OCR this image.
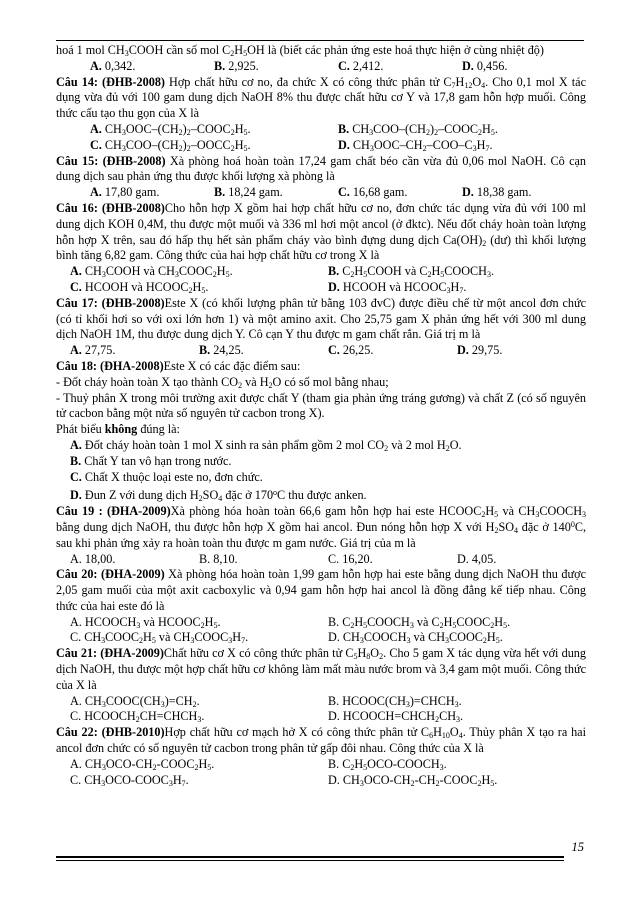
hoá 1 mol $CH_3COOH$ cần số mol $C_2H_5OH$ là (biết các phản ứng este hoá thực hiện ở cùng nhiệt độ)

A. 0,342.	B. 2,925.	C. 2,412.	D. 0,456.

Câu 14: (ĐHB-2008) Hợp chất hữu cơ no, đa chức X có công thức phân tử $C_7H_{12}O_4$. Cho 0,1 mol X tác dụng vừa đủ với 100 gam dung dịch NaOH 8% thu được chất hữu cơ Y và 17,8 gam hỗn hợp muối. Công thức cấu tạo thu gọn của X là

A. $CH_3OOC-(CH_2)_2-COOC_2H_5$.	B. $CH_3COO-(CH_2)_2-COOC_2H_5$.
C. $CH_3COO-(CH_2)_2-OOCC_2H_5$.	D. $CH_3OOC-CH_2-COO-C_3H_7$.

Câu 15: (ĐHB-2008) Xà phòng hoá hoàn toàn 17,24 gam chất béo cần vừa đủ 0,06 mol NaOH. Cô cạn dung dịch sau phản ứng thu được khối lượng xà phòng là

A. 17,80 gam.	B. 18,24 gam.	C. 16,68 gam.	D. 18,38 gam.

Câu 16: (ĐHB-2008)Cho hỗn hợp X gồm hai hợp chất hữu cơ no, đơn chức tác dụng vừa đủ với 100 ml dung dịch KOH 0,4M, thu được một muối và 336 ml hơi một ancol (ở đktc). Nếu đốt cháy hoàn toàn lượng hỗn hợp X trên, sau đó hấp thụ hết sản phẩm cháy vào bình đựng dung dịch $Ca(OH)_2$ (dư) thì khối lượng bình tăng 6,82 gam. Công thức của hai hợp chất hữu cơ trong X là

A. $CH_3COOH$ và $CH_3COOC_2H_5$.	B. $C_2H_5COOH$ và $C_2H_5COOCH_3$.
C. HCOOH và $HCOOC_2H_5$.	D. HCOOH và $HCOOC_3H_7$.

Câu 17: (ĐHB-2008)Este X (có khối lượng phân tử bằng 103 đvC) được điều chế từ một ancol đơn chức (có tỉ khối hơi so với oxi lớn hơn 1) và một amino axit. Cho 25,75 gam X phản ứng hết với 300 ml dung dịch NaOH 1M, thu được dung dịch Y. Cô cạn Y thu được m gam chất rắn. Giá trị m là

A. 27,75.	B. 24,25.	C. 26,25.	D. 29,75.

Câu 18: (ĐHA-2008)Este X có các đặc điểm sau:

- Đốt cháy hoàn toàn X tạo thành $CO_2$ và $H_2O$ có số mol bằng nhau;

- Thuỷ phân X trong môi trường axit được chất Y (tham gia phản ứng tráng gương) và chất Z (có số nguyên tử cacbon bằng một nửa số nguyên tử cacbon trong X).

Phát biểu không đúng là:

A. Đốt cháy hoàn toàn 1 mol X sinh ra sản phẩm gồm 2 mol $CO_2$ và 2 mol $H_2O$.

B. Chất Y tan vô hạn trong nước.

C. Chất X thuộc loại este no, đơn chức.

D. Đun Z với dung dịch $H_2SO_4$ đặc ở 170$^o$C thu được anken.

Câu 19 : (ĐHA-2009)Xà phòng hóa hoàn toàn 66,6 gam hỗn hợp hai este $HCOOC_2H_5$ và $CH_3COOCH_3$ bằng dung dịch NaOH, thu được hỗn hợp X gồm hai ancol. Đun nóng hỗn hợp X với $H_2SO_4$ đặc ở $140^0C$, sau khi phản ứng xảy ra hoàn toàn thu được m gam nước. Giá trị của m là

A. 18,00.	B. 8,10.	C. 16,20.	D. 4,05.

Câu 20: (ĐHA-2009) Xà phòng hóa hoàn toàn 1,99 gam hỗn hợp hai este bằng dung dịch NaOH thu được 2,05 gam muối của một axit cacboxylic và 0,94 gam hỗn hợp hai ancol là đồng đẳng kế tiếp nhau. Công thức của hai este đó là

A. $HCOOCH_3$ và $HCOOC_2H_5$.	B. $C_2H_5COOCH_3$ và $C_2H_5COOC_2H_5$.
C. $CH_3COOC_2H_5$ và $CH_3COOC_3H_7$.	D. $CH_3COOCH_3$ và $CH_3COOC_2H_5$.

Câu 21: (ĐHA-2009)Chất hữu cơ X có công thức phân tử $C_5H_8O_2$. Cho 5 gam X tác dụng vừa hết với dung dịch NaOH, thu được một hợp chất hữu cơ không làm mất màu nước brom và 3,4 gam một muối. Công thức của X là

A. $CH_3COOC(CH_3)=CH_2$.	B. $HCOOC(CH_3)=CHCH_3$.
C. $HCOOCH_2CH=CHCH_3$.	D. $HCOOCH=CHCH_2CH_3$.

Câu 22: (ĐHB-2010)Hợp chất hữu cơ mạch hở X có công thức phân tử $C_6H_{10}O_4$. Thủy phân X tạo ra hai ancol đơn chức có số nguyên tử cacbon trong phân tử gấp đôi nhau. Công thức của X là

A. $CH_3OCO-CH_2-COOC_2H_5$.	B. $C_2H_5OCO-COOCH_3$.
C. $CH_3OCO-COOC_3H_7$.	D. $CH_3OCO-CH_2-CH_2-COOC_2H_5$.
15
